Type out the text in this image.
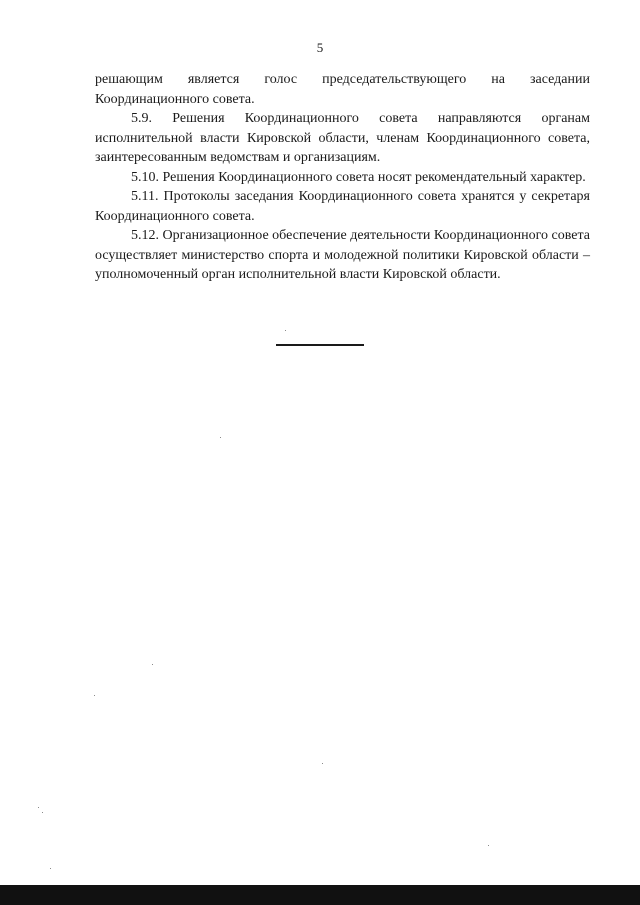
5

решающим является голос председательствующего на заседании Координационного совета.

5.9. Решения Координационного совета направляются органам исполнительной власти Кировской области, членам Координационного совета, заинтересованным ведомствам и организациям.

5.10. Решения Координационного совета носят рекомендательный характер.

5.11. Протоколы заседания Координационного совета хранятся у секретаря Координационного совета.

5.12. Организационное обеспечение деятельности Координационного совета осуществляет министерство спорта и молодежной политики Кировской области – уполномоченный орган исполнительной власти Кировской области.
